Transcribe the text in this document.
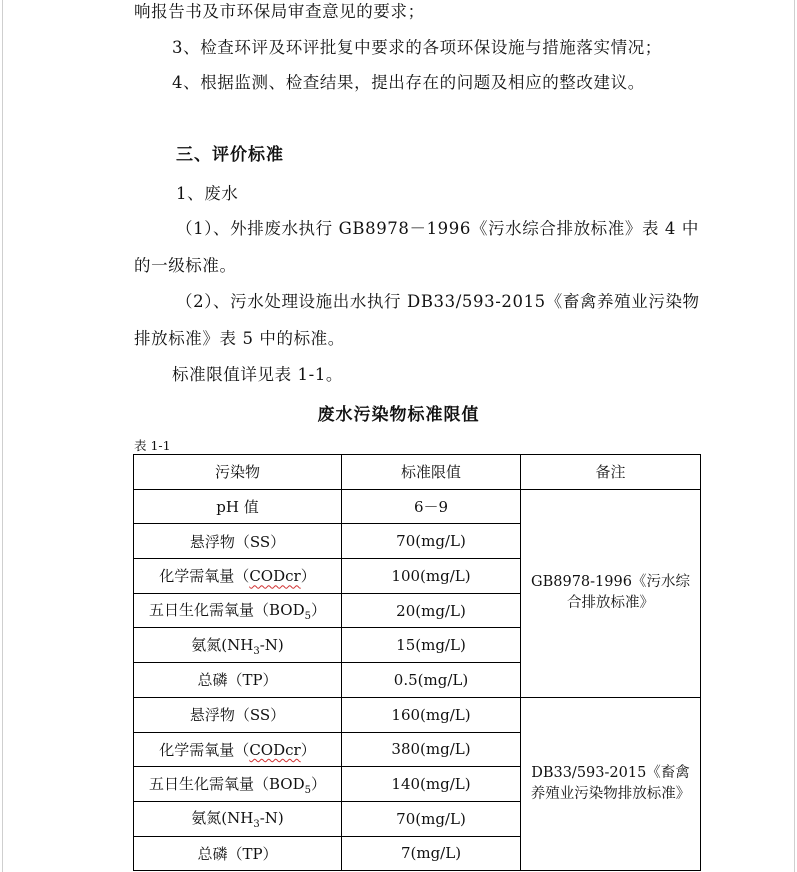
响报告书及市环保局审查意见的要求；
3、检查环评及环评批复中要求的各项环保设施与措施落实情况；
4、根据监测、检查结果，提出存在的问题及相应的整改建议。
三、评价标准
1、废水
（1）、外排废水执行 GB8978－1996《污水综合排放标准》表 4 中
的一级标准。
（2）、污水处理设施出水执行 DB33/593-2015《畜禽养殖业污染物
排放标准》表 5 中的标准。
标准限值详见表 1-1。
废水污染物标准限值
表 1-1
污染物	标准限值	备注
pH 值	6－9	GB8978-1996《污水综合排放标准》
悬浮物（SS）	70(mg/L)	
化学需氧量（CODcr）	100(mg/L)	
五日生化需氧量$(BOD_5)$	20(mg/L)	
氨氮$(NH_3-N)$	15(mg/L)	
总磷（TP）	0.5(mg/L)	
悬浮物（SS）	160(mg/L)	DB33/593-2015《畜禽养殖业污染物排放标准》
化学需氧量（CODcr）	380(mg/L)	
五日生化需氧量$(BOD_5)$	140(mg/L)	
氨氮$(NH_3-N)$	70(mg/L)	
总磷（TP）	7(mg/L)	
